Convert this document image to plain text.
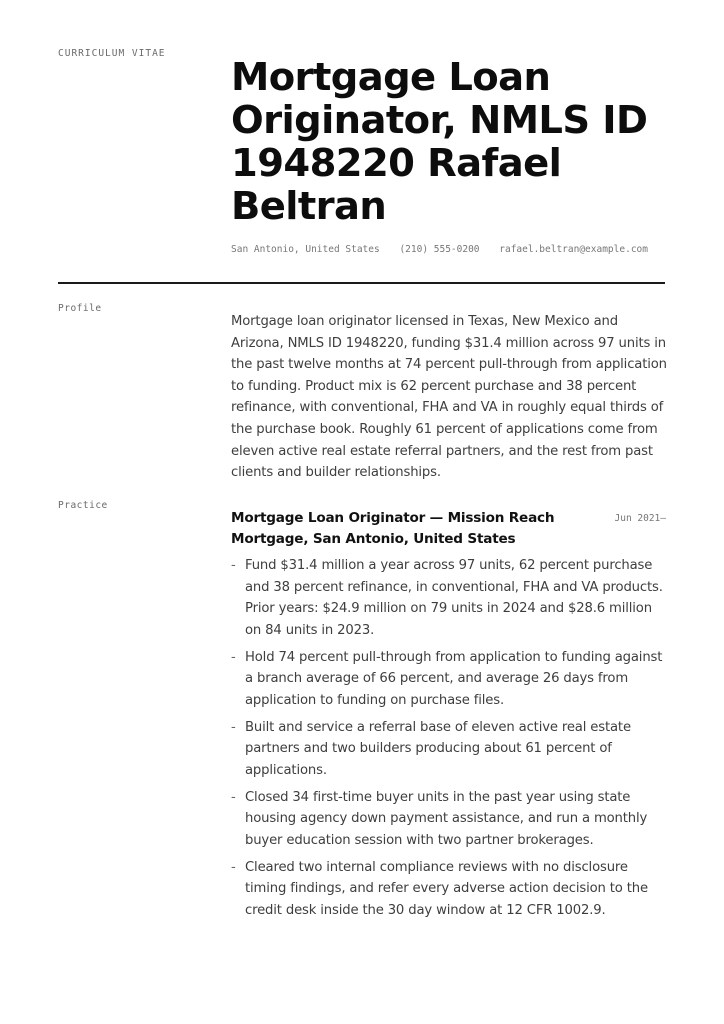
CURRICULUM VITAE
Mortgage Loan Originator, NMLS ID 1948220 Rafael Beltran
San Antonio, United States (210) 555-0200 rafael.beltran@example.com
Profile

Mortgage loan originator licensed in Texas, New Mexico and Arizona, NMLS ID 1948220, funding $31.4 million across 97 units in the past twelve months at 74 percent pull-through from application to funding. Product mix is 62 percent purchase and 38 percent refinance, with conventional, FHA and VA in roughly equal thirds of the purchase book. Roughly 61 percent of applications come from eleven active real estate referral partners, and the rest from past clients and builder relationships.

Practice
Mortgage Loan Originator — Mission Reach Mortgage, San Antonio, United States
Jun 2021–
- Fund $31.4 million a year across 97 units, 62 percent purchase and 38 percent refinance, in conventional, FHA and VA products. Prior years: $24.9 million on 79 units in 2024 and $28.6 million on 84 units in 2023.
- Hold 74 percent pull-through from application to funding against a branch average of 66 percent, and average 26 days from application to funding on purchase files.
- Built and service a referral base of eleven active real estate partners and two builders producing about 61 percent of applications.
- Closed 34 first-time buyer units in the past year using state housing agency down payment assistance, and run a monthly buyer education session with two partner brokerages.
- Cleared two internal compliance reviews with no disclosure timing findings, and refer every adverse action decision to the credit desk inside the 30 day window at 12 CFR 1002.9.
